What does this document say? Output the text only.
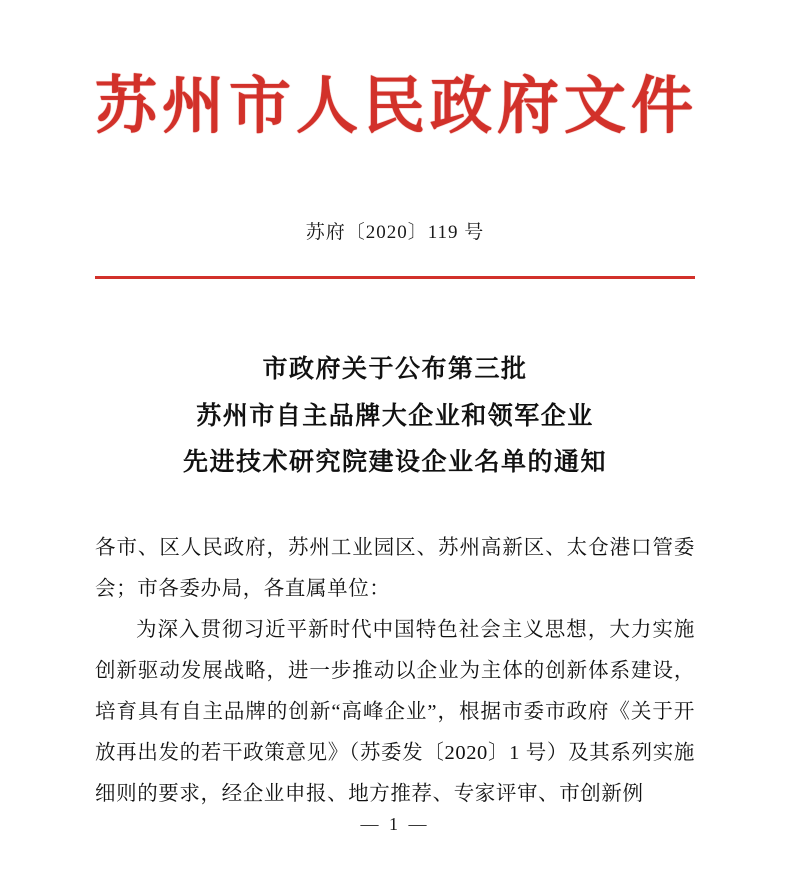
苏州市人民政府文件
苏府〔2020〕119 号
市政府关于公布第三批
苏州市自主品牌大企业和领军企业
先进技术研究院建设企业名单的通知

各市、区人民政府，苏州工业园区、苏州高新区、太仓港口管委会；市各委办局，各直属单位：

为深入贯彻习近平新时代中国特色社会主义思想，大力实施创新驱动发展战略，进一步推动以企业为主体的创新体系建设，培育具有自主品牌的创新“高峰企业”，根据市委市政府《关于开放再出发的若干政策意见》（苏委发〔2020〕1 号）及其系列实施细则的要求，经企业申报、地方推荐、专家评审、市创新例

— 1 —
